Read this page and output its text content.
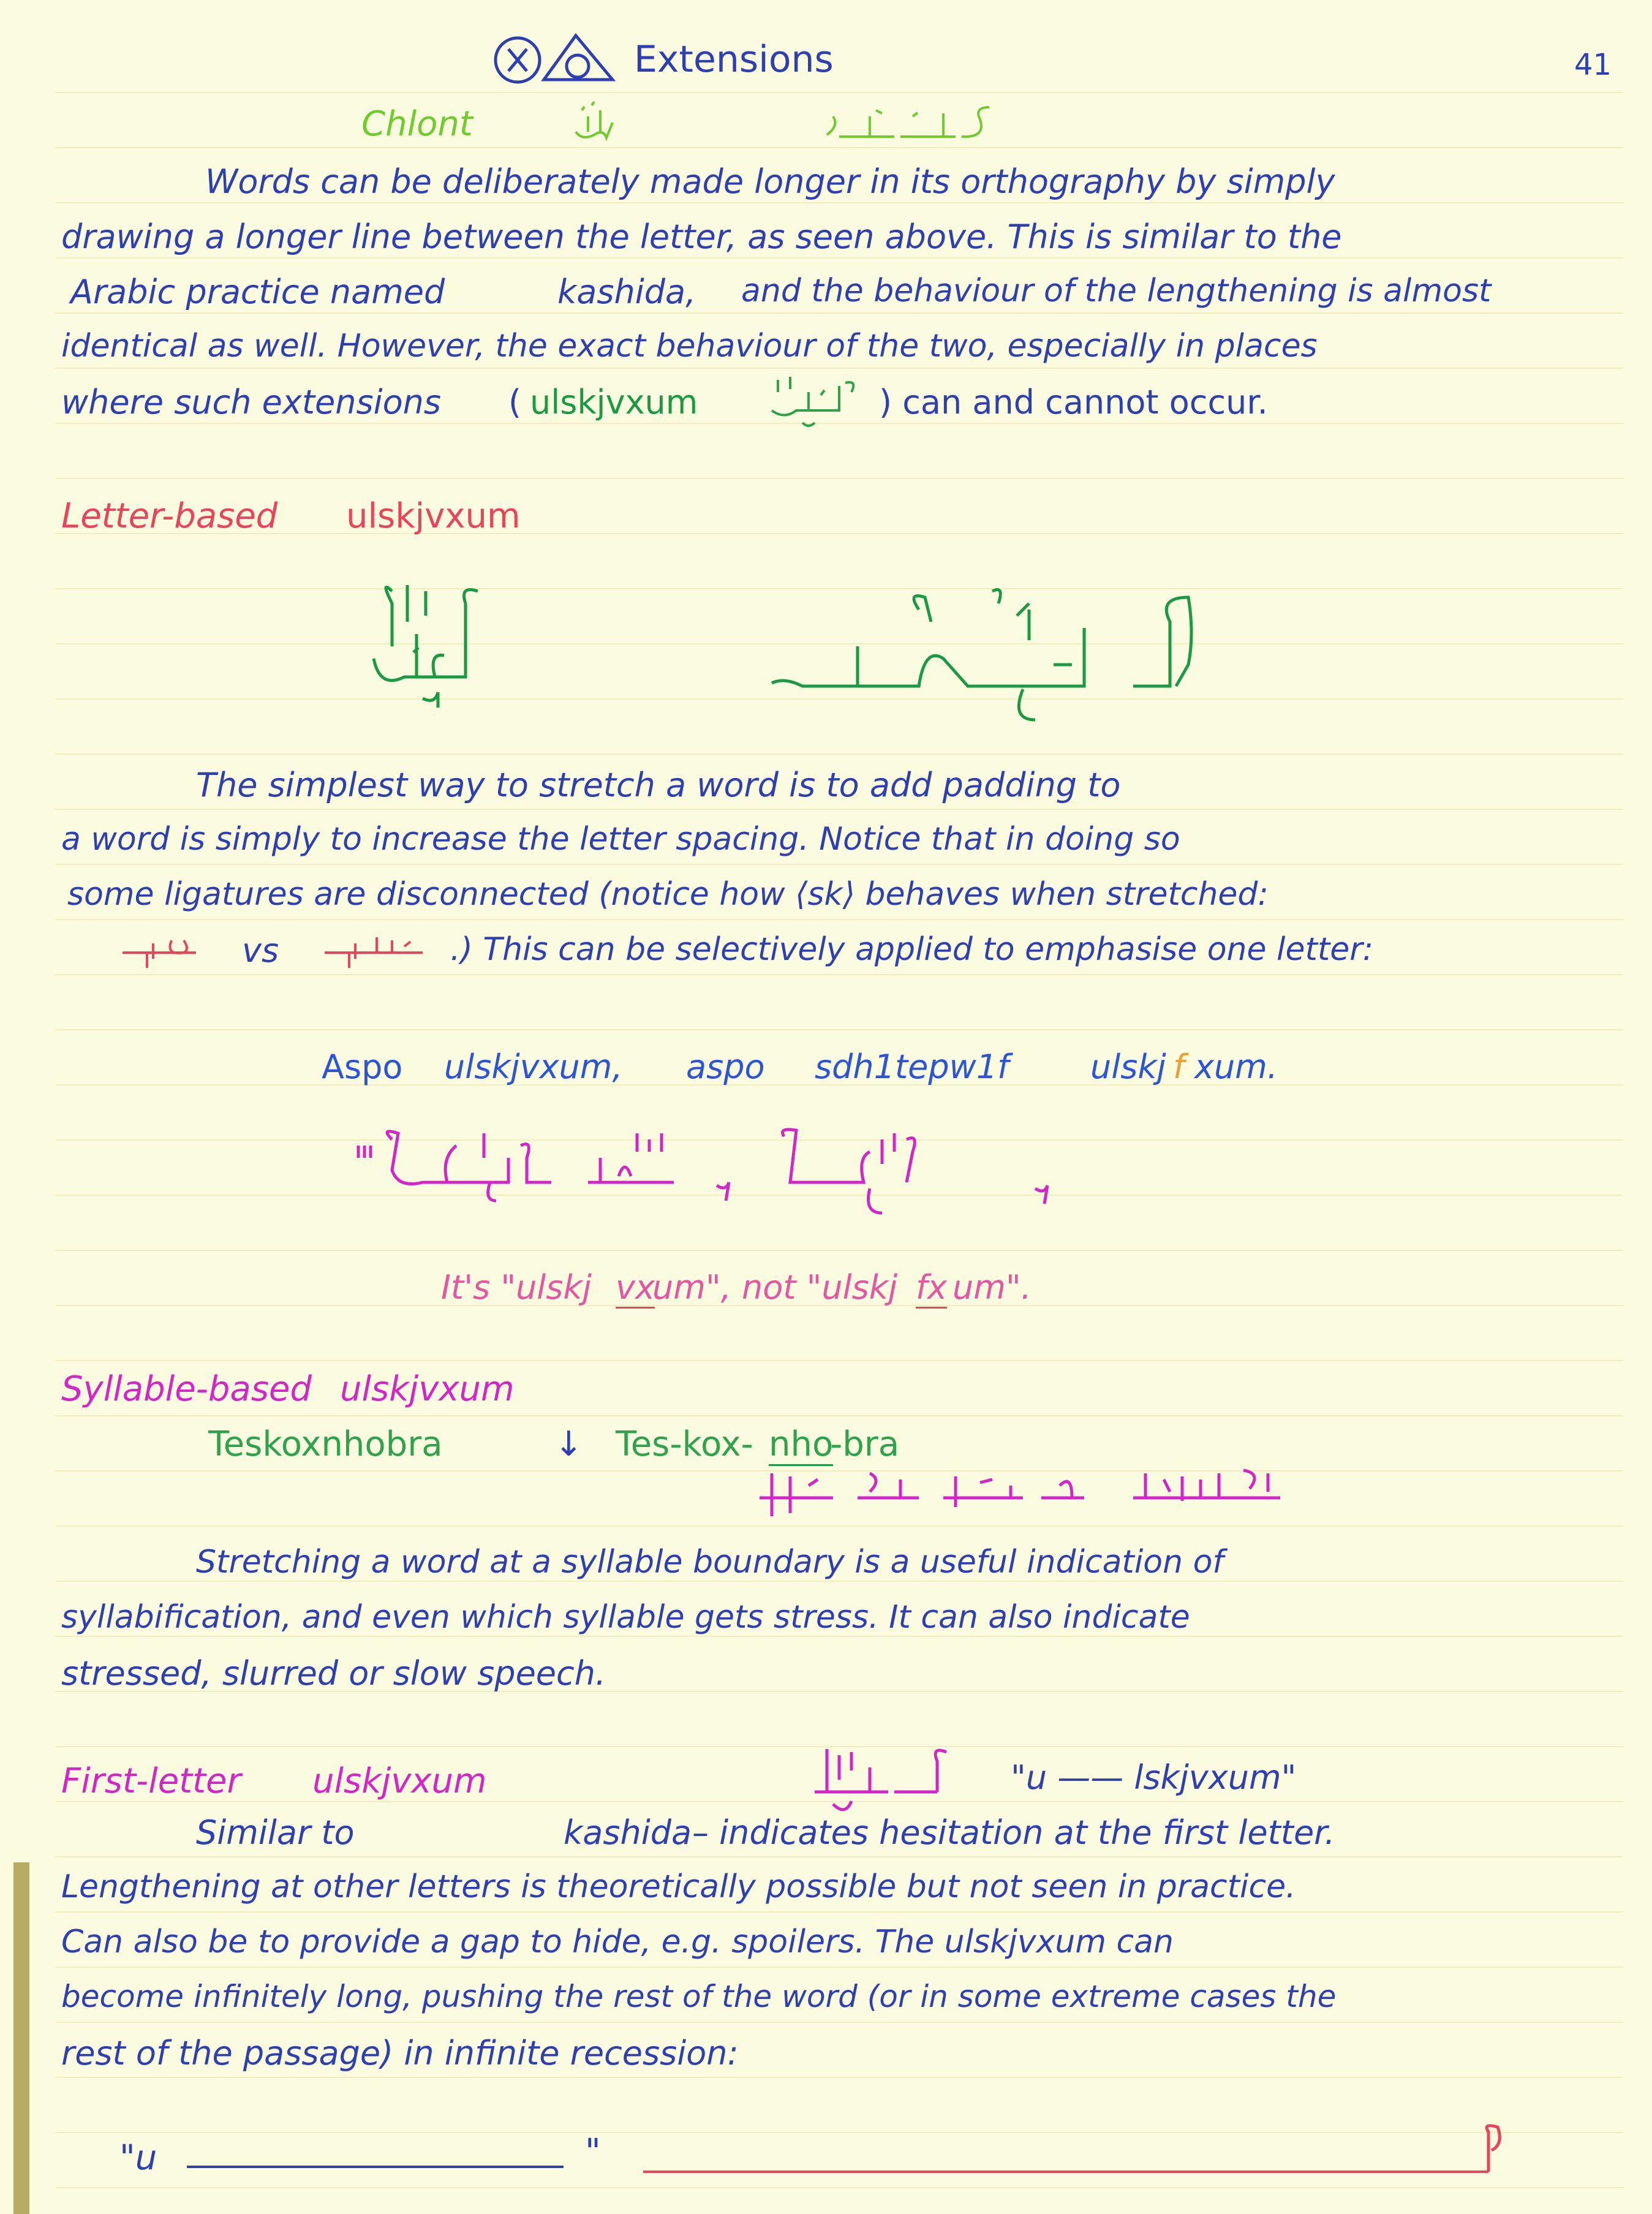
Extensions	41
Chlont
Words can be deliberately made longer in its orthography by simply
drawing a longer line between the letter, as seen above. This is similar to the
Arabic practice named	kashida, and the behaviour of the lengthening is almost
identical as well. However, the exact behaviour of the two, especially in places
where such extensions ( ulskjvxum	) can and cannot occur.
Letter-based ulskjvxum
The simplest way to stretch a word is to add padding to
a word is simply to increase the letter spacing. Notice that in doing so
some ligatures are disconnected (notice how ⟨sk⟩ behaves when stretched:
vs	.) This can be selectively applied to emphasise one letter:
Aspo ulskjvxum, aspo sdh1tepw1f ulskj f xum.
It's "ulskj vx
um", not "ulskj fx um".
Syllable-based ulskjvxum
Teskoxnhobra	↓ Tes-kox- nho
-bra
Stretching a word at a syllable boundary is a useful indication of
syllabification, and even which syllable gets stress. It can also indicate
stressed, slurred or slow speech.
First-letter ulskjvxum	"u —— lskjvxum"
Similar to	kashida – indicates hesitation at the first letter.
Lengthening at other letters is theoretically possible but not seen in practice.
Can also be to provide a gap to hide, e.g. spoilers. The ulskjvxum can
become infinitely long, pushing the rest of the word (or in some extreme cases the
rest of the passage) in infinite recession:
"u	"
